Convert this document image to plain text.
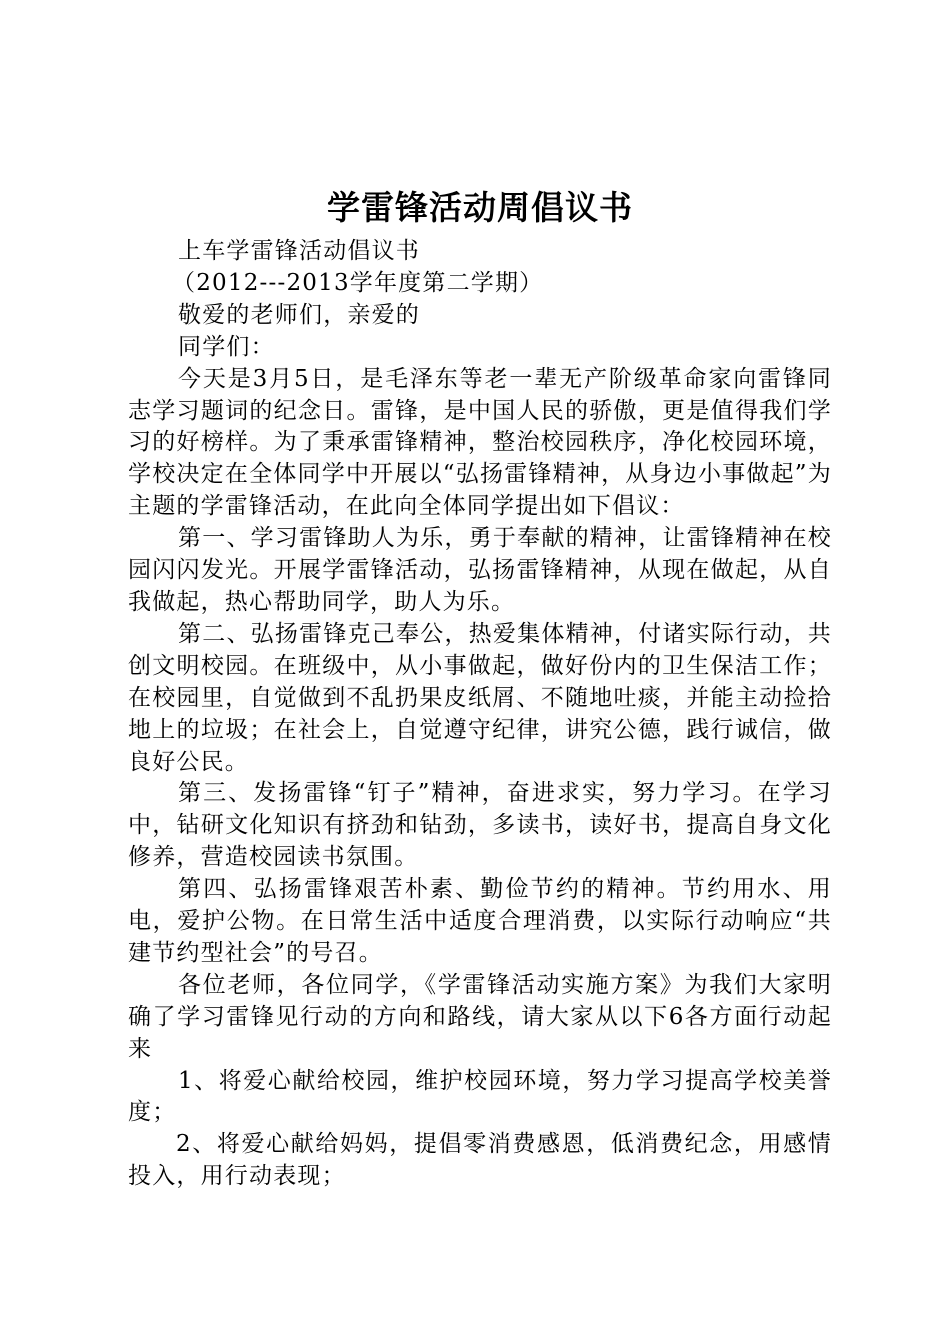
学雷锋活动周倡议书

上车学雷锋活动倡议书

（2012---2013学年度第二学期）

敬爱的老师们，亲爱的

同学们：

今天是3月5日，是毛泽东等老一辈无产阶级革命家向雷锋同志学习题词的纪念日。雷锋，是中国人民的骄傲，更是值得我们学习的好榜样。为了秉承雷锋精神，整治校园秩序，净化校园环境，学校决定在全体同学中开展以“弘扬雷锋精神，从身边小事做起”为主题的学雷锋活动，在此向全体同学提出如下倡议：

第一、学习雷锋助人为乐，勇于奉献的精神，让雷锋精神在校园闪闪发光。开展学雷锋活动，弘扬雷锋精神，从现在做起，从自我做起，热心帮助同学，助人为乐。

第二、弘扬雷锋克己奉公，热爱集体精神，付诸实际行动，共创文明校园。在班级中，从小事做起，做好份内的卫生保洁工作；在校园里，自觉做到不乱扔果皮纸屑、不随地吐痰，并能主动捡拾地上的垃圾；在社会上，自觉遵守纪律，讲究公德，践行诚信，做良好公民。

第三、发扬雷锋“钉子”精神，奋进求实，努力学习。在学习中，钻研文化知识有挤劲和钻劲，多读书，读好书，提高自身文化修养，营造校园读书氛围。

第四、弘扬雷锋艰苦朴素、勤俭节约的精神。节约用水、用电，爱护公物。在日常生活中适度合理消费，以实际行动响应“共建节约型社会”的号召。

各位老师，各位同学，《学雷锋活动实施方案》为我们大家明确了学习雷锋见行动的方向和路线，请大家从以下6各方面行动起来

1、将爱心献给校园，维护校园环境，努力学习提高学校美誉度；

2、将爱心献给妈妈，提倡零消费感恩，低消费纪念，用感情投入，用行动表现；
